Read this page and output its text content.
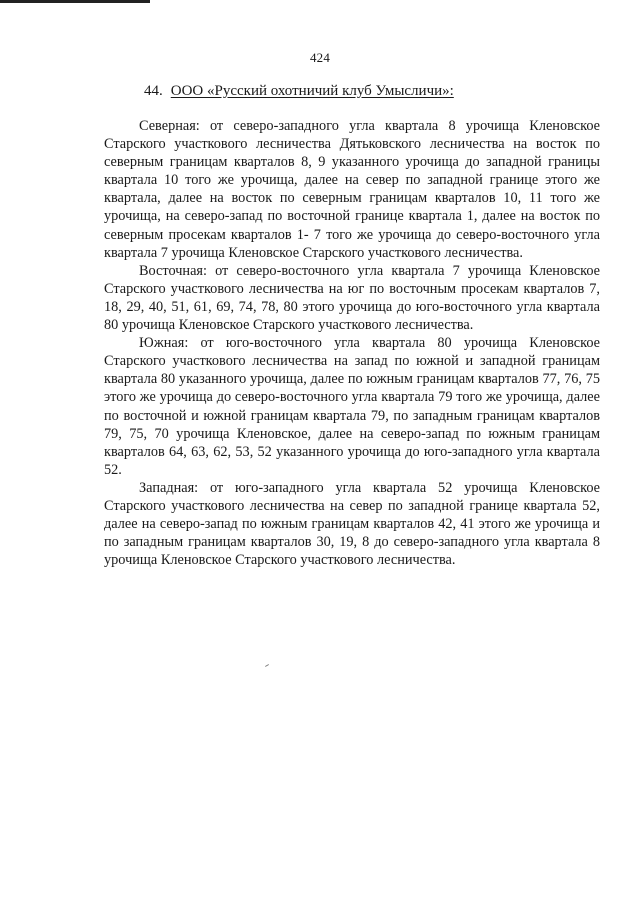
424
44. ООО «Русский охотничий клуб Умысличи»:

Северная: от северо-западного угла квартала 8 урочища Кленовское Старского участкового лесничества Дятьковского лесничества на восток по северным границам кварталов 8, 9 указанного урочища до западной границы квартала 10 того же урочища, далее на север по западной границе этого же квартала, далее на восток по северным границам кварталов 10, 11 того же урочища, на северо-запад по восточной границе квартала 1, далее на восток по северным просекам кварталов 1- 7 того же урочища до северо-восточного угла квартала 7 урочища Кленовское Старского участкового лесничества.

Восточная: от северо-восточного угла квартала 7 урочища Кленовское Старского участкового лесничества на юг по восточным просекам кварталов 7, 18, 29, 40, 51, 61, 69, 74, 78, 80 этого урочища до юго-восточного угла квартала 80 урочища Кленовское Старского участкового лесничества.

Южная: от юго-восточного угла квартала 80 урочища Кленовское Старского участкового лесничества на запад по южной и западной границам квартала 80 указанного урочища, далее по южным границам кварталов 77, 76, 75 этого же урочища до северо-восточного угла квартала 79 того же урочища, далее по восточной и южной границам квартала 79, по западным границам кварталов 79, 75, 70 урочища Кленовское, далее на северо-запад по южным границам кварталов 64, 63, 62, 53, 52 указанного урочища до юго-западного угла квартала 52.

Западная: от юго-западного угла квартала 52 урочища Кленовское Старского участкового лесничества на север по западной границе квартала 52, далее на северо-запад по южным границам кварталов 42, 41 этого же урочища и по западным границам кварталов 30, 19, 8 до северо-западного угла квартала 8 урочища Кленовское Старского участкового лесничества.
